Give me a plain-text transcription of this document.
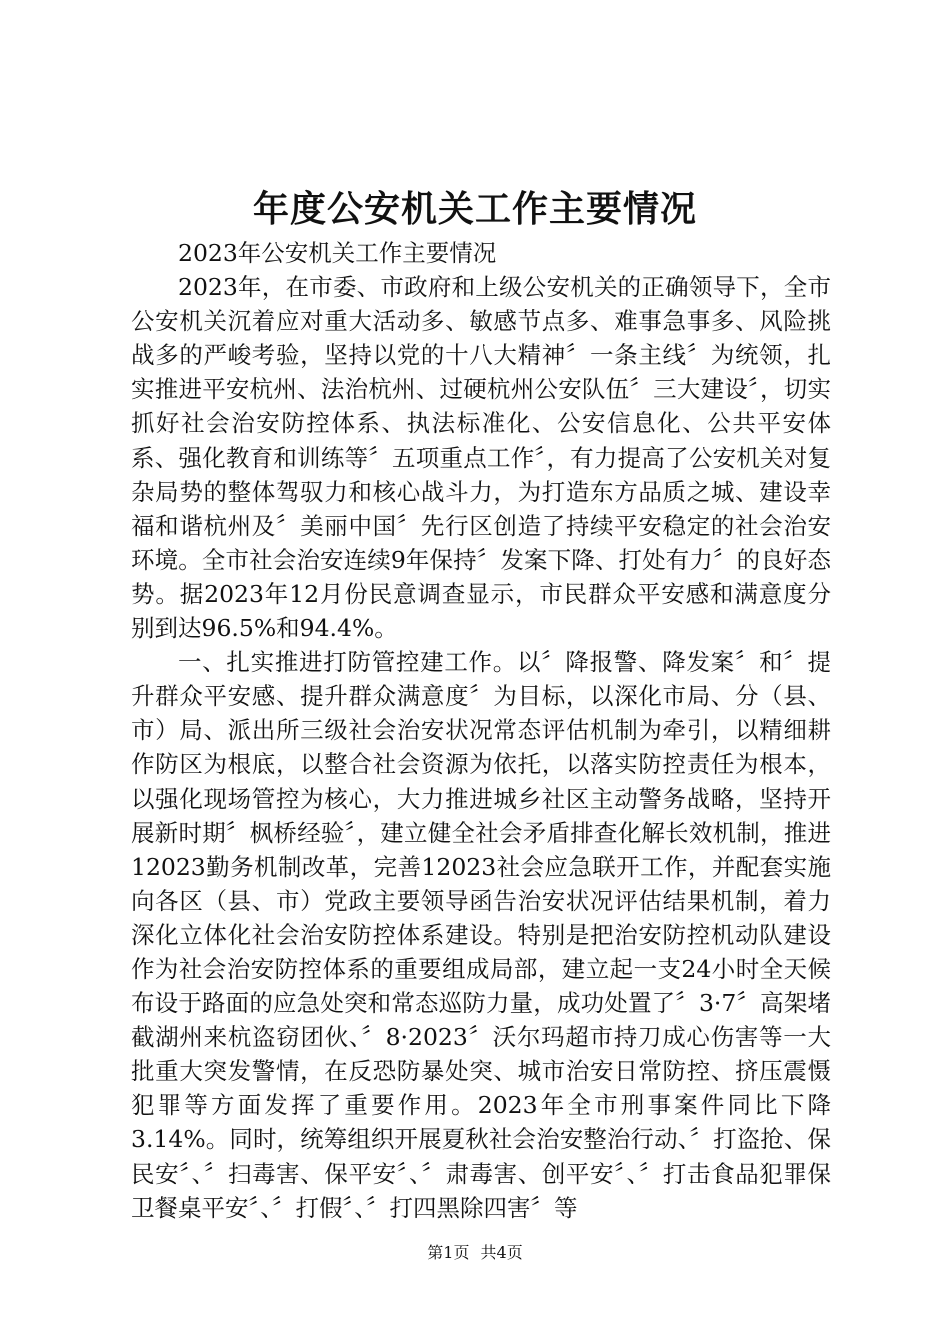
年度公安机关工作主要情况

2023年公安机关工作主要情况

2023年，在市委、市政府和上级公安机关的正确领导下，全市公安机关沉着应对重大活动多、敏感节点多、难事急事多、风险挑战多的严峻考验，坚持以党的十八大精神〞一条主线〞为统领，扎实推进平安杭州、法治杭州、过硬杭州公安队伍〞三大建设〞，切实抓好社会治安防控体系、执法标准化、公安信息化、公共平安体系、强化教育和训练等〞五项重点工作〞，有力提高了公安机关对复杂局势的整体驾驭力和核心战斗力，为打造东方品质之城、建设幸福和谐杭州及〞美丽中国〞先行区创造了持续平安稳定的社会治安环境。全市社会治安连续9年保持〞发案下降、打处有力〞的良好态势。据2023年12月份民意调查显示，市民群众平安感和满意度分别到达96.5%和94.4%。

一、扎实推进打防管控建工作。以〞降报警、降发案〞和〞提升群众平安感、提升群众满意度〞为目标，以深化市局、分（县、市）局、派出所三级社会治安状况常态评估机制为牵引，以精细耕作防区为根底，以整合社会资源为依托，以落实防控责任为根本，以强化现场管控为核心，大力推进城乡社区主动警务战略，坚持开展新时期〞枫桥经验〞，建立健全社会矛盾排查化解长效机制，推进12023勤务机制改革，完善12023社会应急联开工作，并配套实施向各区（县、市）党政主要领导函告治安状况评估结果机制，着力深化立体化社会治安防控体系建设。特别是把治安防控机动队建设作为社会治安防控体系的重要组成局部，建立起一支24小时全天候布设于路面的应急处突和常态巡防力量，成功处置了〞3·7〞高架堵截湖州来杭盗窃团伙、〞8·2023〞沃尔玛超市持刀成心伤害等一大批重大突发警情，在反恐防暴处突、城市治安日常防控、挤压震慑犯罪等方面发挥了重要作用。2023年全市刑事案件同比下降3.14%。同时，统筹组织开展夏秋社会治安整治行动、〞打盗抢、保民安〞、〞扫毒害、保平安〞、〞肃毒害、创平安〞、〞打击食品犯罪保卫餐桌平安〞、〞打假〞、〞打四黑除四害〞等

第1页 共4页
